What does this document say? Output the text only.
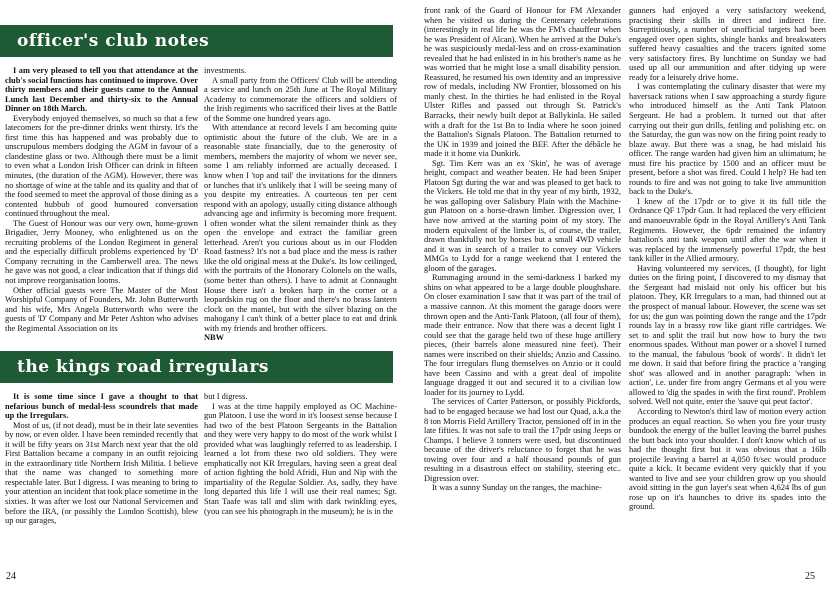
officer's club notes
the kings road irregulars

I am very pleased to tell you that attendance at the club's social functions has continued to improve. Over thirty members and their guests came to the Annual Lunch last December and thirty-six to the Annual Dinner on 18th March.

Everybody enjoyed themselves, so much so that a few latecomers for the pre-dinner drinks went thirsty. It's the first time this has happened and was probably due to unscrupulous members dodging the AGM in favour of a clandestine glass or two. Although there must be a limit to even what a London Irish Officer can drink in fifteen minutes, (the duration of the AGM). However, there was no shortage of wine at the table and its quality and that of the food seemed to meet the approval of those dining as a contented hubbub of good humoured conversation continued throughout the meal.

The Guest of Honour was our very own, home-grown Brigadier, Jerry Mooney, who enlightened us on the recruiting problems of the London Regiment in general and the especially difficult problems experienced by 'D' Company recruiting in the Camberwell area. The news he gave was not good, a clear indication that if things did not improve reorganisation looms.

Other official guests were The Master of the Most Worshipful Company of Founders, Mr. John Butterworth and his wife, Mrs Angela Butterworth who were the guests of 'D' Company and Mr Peter Ashton who advises the Regimental Association on its

investments.

A small party from the Officers' Club will be attending a service and lunch on 25th June at The Royal Military Academy to commemorate the officers and soldiers of the Irish regiments who sacrificed their lives at the Battle of the Somme one hundred years ago.

With attendance at record levels I am becoming quite optimistic about the future of the club. We are in a reasonable state financially, due to the generosity of members, members the majority of whom we never see, some I am reliably informed are actually deceased. I know when I 'top and tail' the invitations for the dinners or lunches that it's unlikely that I will be seeing many of you despite my entreaties. A courteous ten per cent respond with an apology, usually citing distance although advancing age and infirmity is becoming more frequent. I often wonder what the silent remainder think as they open the envelope and extract the familiar green letterhead. Aren't you curious about us in our Flodden Road fastness? It's not a bad place and the mess is rather like the old original mess at the Duke's. Its low ceilinged, with the portraits of the Honorary Colonels on the walls, (some better than others). I have to admit at Connaught House there isn't a broken harp in the corner or a leopardskin rug on the floor and there's no brass lantern clock on the mantel, but with the silver blazing on the mahogany I can't think of a better place to eat and drink with my friends and brother officers.

NBW

It is some time since I gave a thought to that nefarious bunch of medal-less scoundrels that made up the Irregulars.

Most of us, (if not dead), must be in their late seventies by now, or even older. I have been reminded recently that it will be fifty years on 31st March next year that the old First Battalion became a company in an outfit rejoicing in the extraordinary title Northern Irish Militia. I believe that the name was changed to something more respectable later. But I digress. I was meaning to bring to your attention an incident that took place sometime in the sixties. It was after we lost our National Servicemen and before the IRA, (or possibly the London Scottish), blew up our garages,

but I digress.

I was at the time happily employed as OC Machine-gun Platoon. I use the word in it's loosest sense because I had two of the best Platoon Sergeants in the Battalion and they were very happy to do most of the work whilst I provided what was laughingly referred to as leadership. I learned a lot from these two old soldiers. They were emphatically not KR Irregulars, having seen a great deal of action fighting the bold Afridi, Hun and Nip with the impartiality of the Regular Soldier. As, sadly, they have long departed this life I will use their real names; Sgt. Stan Taafe was tall and slim with dark twinkling eyes, (you can see his photograph in the museum); he is in the

front rank of the Guard of Honour for FM Alexander when he visited us during the Centenary celebrations (interestingly in real life he was the FM's chauffeur when he was President of Alcan). When he arrived at the Duke's he was suspiciously medal-less and on cross-examination revealed that he had enlisted in in his brother's name as he was worried that he might lose a small disability pension. Reassured, he resumed his own identity and an impressive row of medals, including NW Frontier, blossomed on his manly chest. In the thirties he had enlisted in the Royal Ulster Rifles and passed out through St. Patrick's Barracks, their newly built depot at Ballykinla. He sailed with a draft for the 1st Bn to India where he soon joined the Battalion's Signals Platoon. The Battalion returned to the UK in 1939 and joined the BEF. After the débâcle he made it it home via Dunkirk.

Sgt. Tim Kerr was an ex 'Skin', he was of average height, compact and weather beaten. He had been Sniper Platoon Sgt during the war and was pleased to get back to the Vickers. He told me that in thy year of my birth, 1932, he was galloping over Salisbury Plain with the Machine-gun Platoon on a horse-drawn limber. Digression over, I have now arrived at the starting point of my story. The modern equivalent of the limber is, of course, the trailer, drawn thankfully not by horses but a small 4WD vehicle and it was in search of a trailer to convey our Vickers MMGs to Lydd for a range weekend that I entered the gloom of the garages.

Rummaging around in the semi-darkness I barked my shins on what appeared to be a large double ploughshare. On closer examination I saw that it was part of the trail of a massive cannon. At this moment the garage doors were thrown open and the Anti-Tank Platoon, (all four of them), made their entrance. Now that there was a decent light I could see that the garage held two of these huge artillery pieces, (their barrels alone measured nine feet). Their names were inscribed on their shields; Anzio and Cassino. The four irregulars flung themselves on Anzio or it could have been Cassino and with a great deal of impolite language dragged it out and secured it to a civilian low loader for its journey to Lydd.

The services of Carter Patterson, or possibly Pickfords, had to be engaged because we had lost our Quad, a.k.a the 8 ton Morris Field Artillery Tractor, pensioned off in in the late fifties. It was not safe to trail the 17pdr using Jeeps or Champs. I believe 3 tonners were used, but discontinued because of the driver's reluctance to forget that he was towing over four and a half thousand pounds of gun resulting in a disastrous effect on stability, steering etc.. Digression over.

It was a sunny Sunday on the ranges, the machine-

gunners had enjoyed a very satisfactory weekend, practising their skills in direct and indirect fire. Surreptitiously, a number of unofficial targets had been engaged over open sights, shingle banks and breakwaters suffered heavy casualties and the tracers ignited some very satisfactory fires. By lunchtime on Sunday we had used up all our ammunition and after tidying up were ready for a leisurely drive home.

I was contemplating the culinary disaster that were my haversack rations when I saw approaching a sturdy figure who introduced himself as the Anti Tank Platoon Sergeant. He had a problem. It turned out that after carrying out their gun drills, fettling and polishing etc. on the Saturday, the gun was now on the firing point ready to blaze away. But there was a snag, he had mislaid his officer. The range warden had given him an ultimatum; he must fire his practice by 1500 and an officer must be present, before a shot was fired. Could I help? He had ten rounds to fire and was not going to take live ammunition back to the Duke's.

I knew of the 17pdr or to give it its full title the Ordnance QF 17pdr Gun. It had replaced the very efficient and manoeuvrable 6pdr in the Royal Artillery's Anti Tank Regiments. However, the 6pdr remained the infantry battalion's anti tank weapon until after the war when it was replaced by the immensely powerful 17pdr, the best tank killer in the Allied armoury.

Having volunteered my services, (I thought), for light duties on the firing point, I discovered to my dismay that the Sergeant had mislaid not only his officer but his platoon. They, KR Irregulars to a man, had thinned out at the prospect of manual labour. However, the scene was set for us; the gun was pointing down the range and the 17pdr rounds lay in a brassy row like giant rifle cartridges. We set to and split the trail but now how to bury the two enormous spades. Without man power or a shovel I turned to the manual, the fabulous 'book of words'. It didn't let me down. It said that before firing the practice a 'ranging shot' was allowed and in another paragraph: 'when in action', i.e. under fire from angry Germans et al you were allowed to 'dig the spades in with the first round'. Problem solved. Well not quite, enter the 'sauve qui peut factor'.

According to Newton's third law of motion every action produces an equal reaction. So when you fire your trusty bundook the energy of the bullet leaving the barrel pushes the butt back into your shoulder. I don't know which of us had the thought first but it was obvious that a 16lb projectile leaving a barrel at 4,050 ft/sec would produce quite a kick. It became evident very quickly that if you wanted to live and see your children grow up you should avoid sitting in the gun layer's seat when 4,624 lbs of gun rose up on it's haunches to drive its spades into the ground.

24	25
